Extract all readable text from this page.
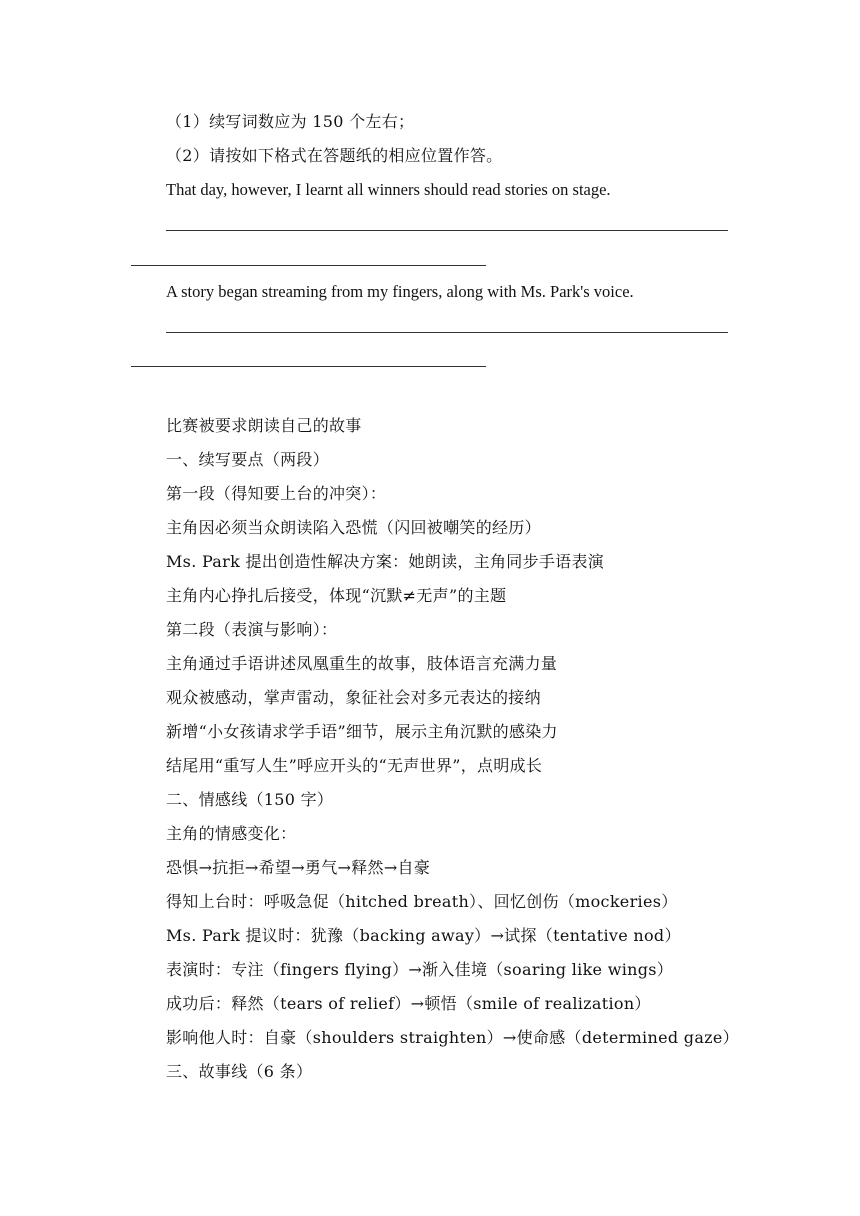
（1）续写词数应为 150 个左右；

（2）请按如下格式在答题纸的相应位置作答。

That day, however, I learnt all winners should read stories on stage.

A story began streaming from my fingers, along with Ms. Park's voice.

比赛被要求朗读自己的故事

一、续写要点（两段）

第一段（得知要上台的冲突）：

主角因必须当众朗读陷入恐慌（闪回被嘲笑的经历）

Ms. Park 提出创造性解决方案：她朗读，主角同步手语表演

主角内心挣扎后接受，体现“沉默≠无声”的主题

第二段（表演与影响）：

主角通过手语讲述凤凰重生的故事，肢体语言充满力量

观众被感动，掌声雷动，象征社会对多元表达的接纳

新增“小女孩请求学手语”细节，展示主角沉默的感染力

结尾用“重写人生”呼应开头的“无声世界”，点明成长

二、情感线（150 字）

主角的情感变化：

恐惧→抗拒→希望→勇气→释然→自豪

得知上台时：呼吸急促（hitched breath）、回忆创伤（mockeries）

Ms. Park 提议时：犹豫（backing away）→试探（tentative nod）

表演时：专注（fingers flying）→渐入佳境（soaring like wings）

成功后：释然（tears of relief）→顿悟（smile of realization）

影响他人时：自豪（shoulders straighten）→使命感（determined gaze）

三、故事线（6 条）
